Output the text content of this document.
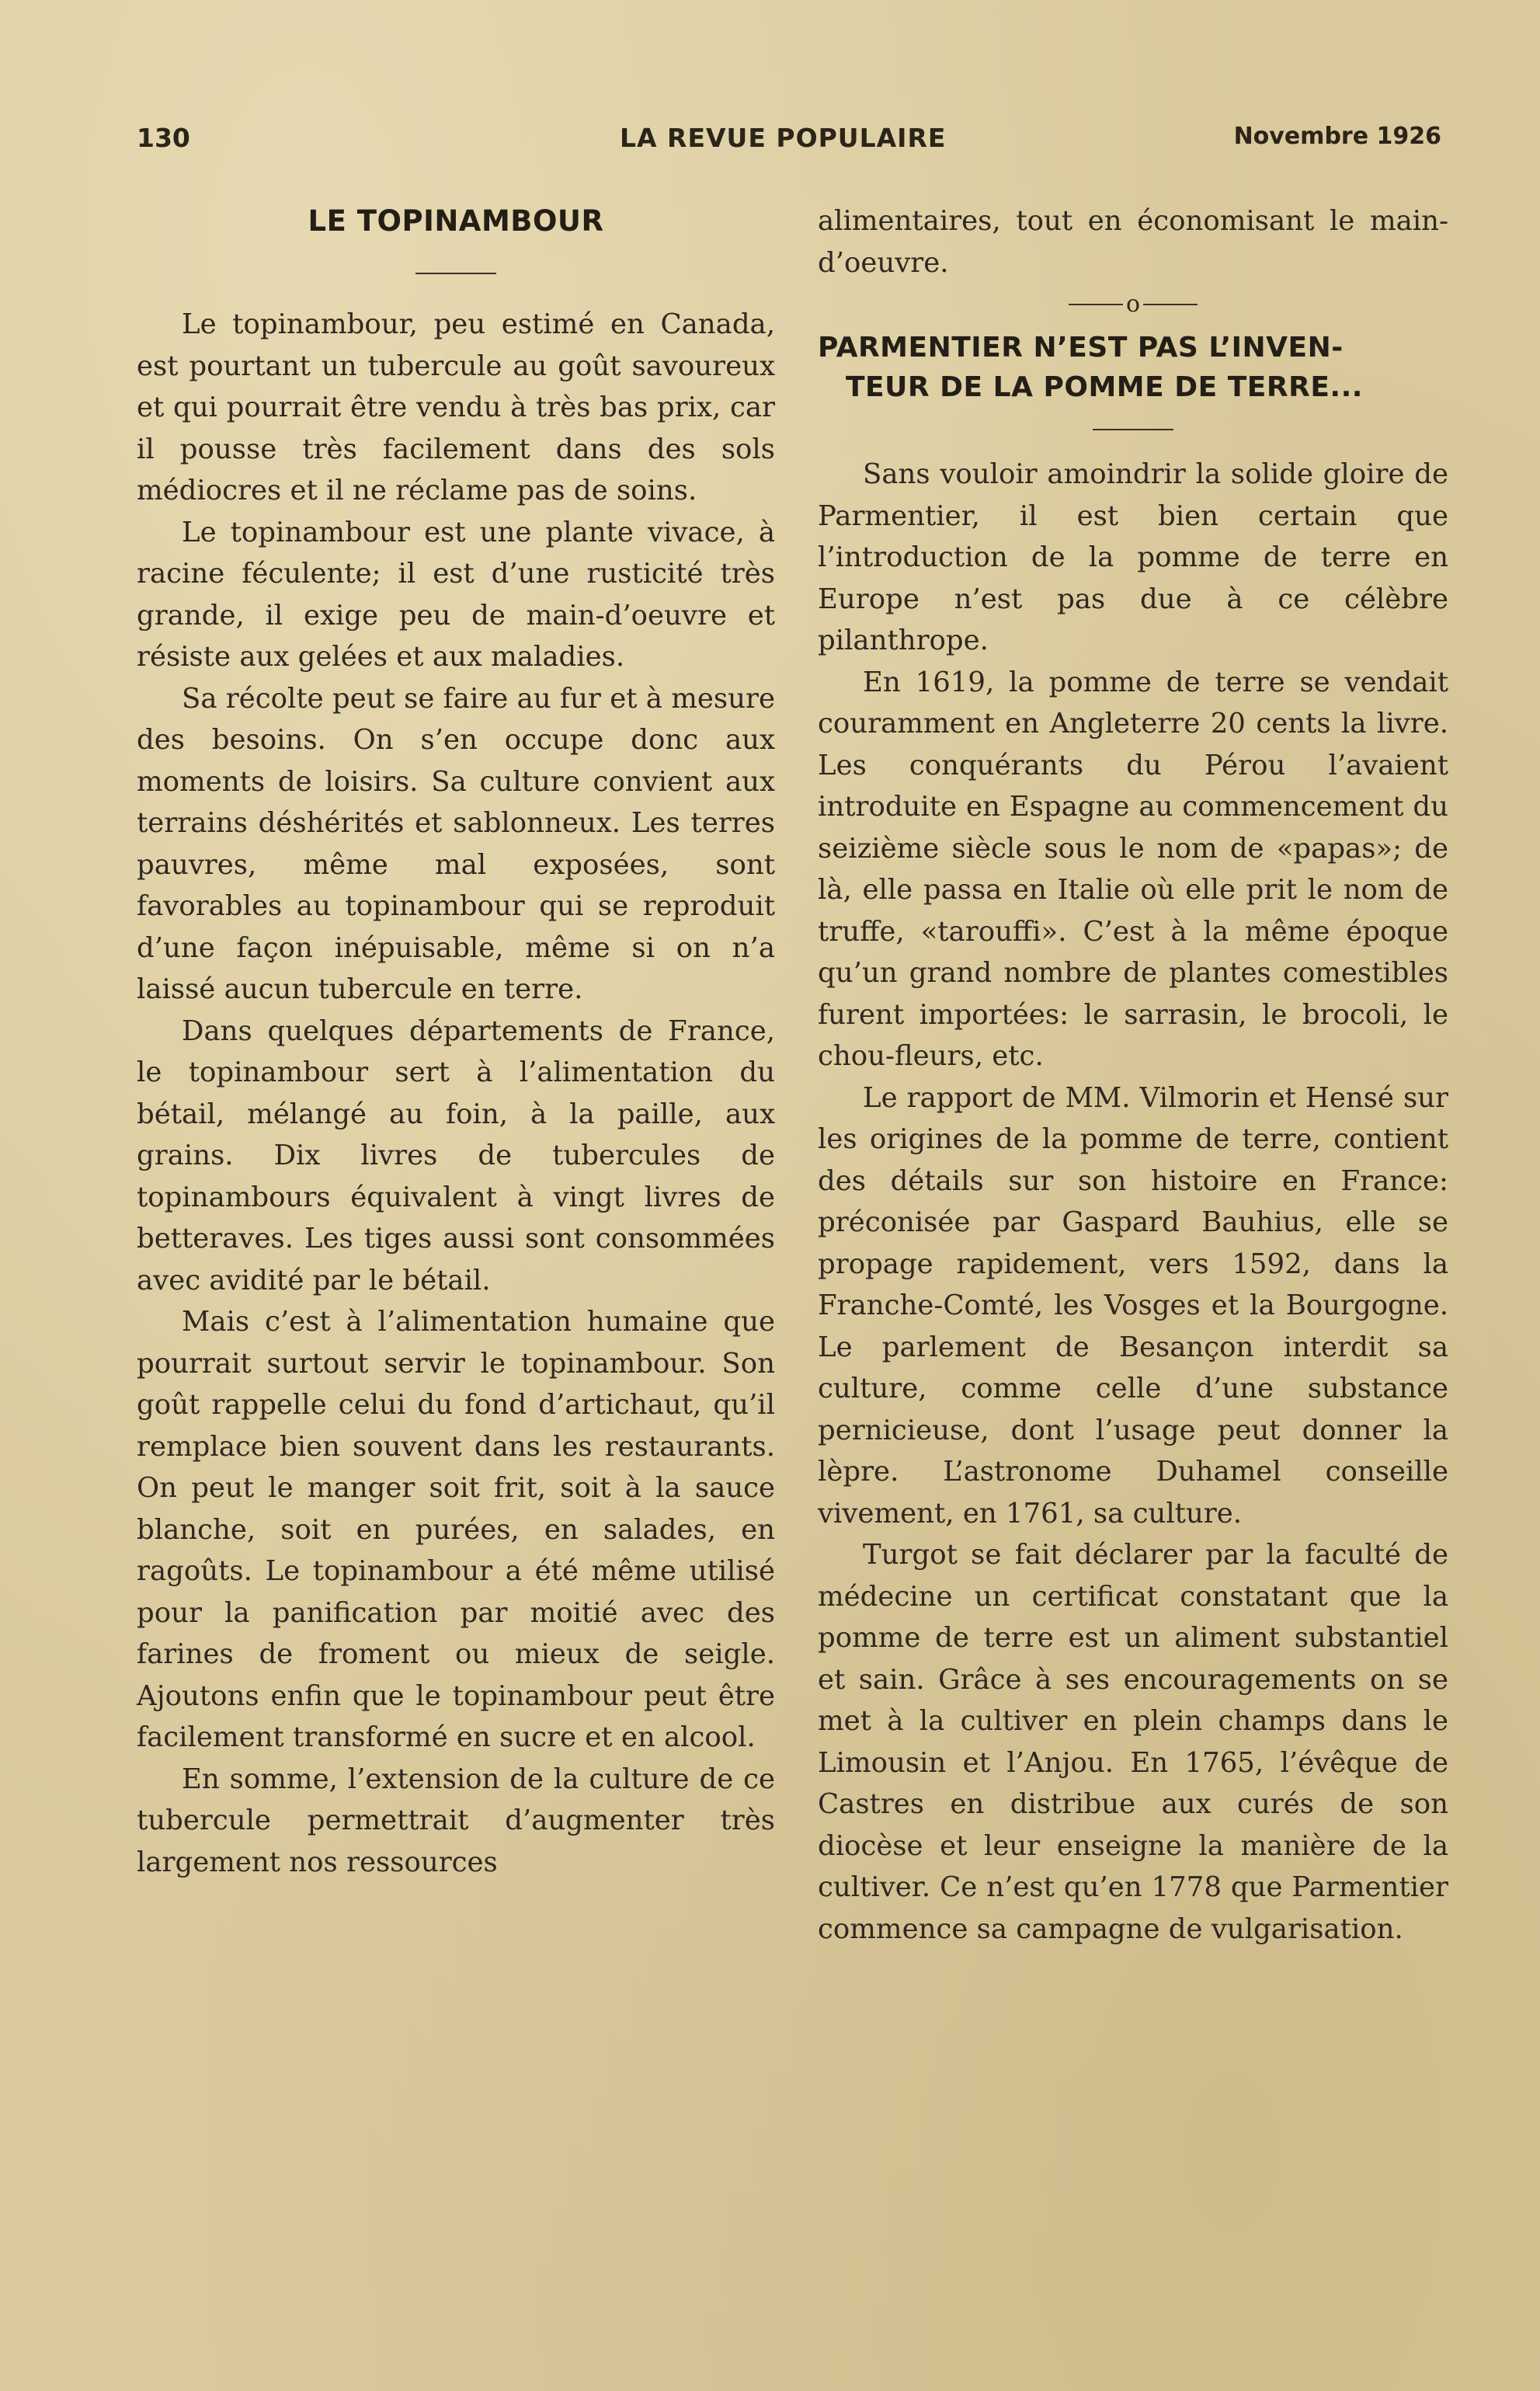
130	LA REVUE POPULAIRE	Novembre 1926
LE TOPINAMBOUR

Le topinambour, peu estimé en Canada, est pourtant un tubercule au goût savoureux et qui pourrait être vendu à très bas prix, car il pousse très facilement dans des sols médiocres et il ne réclame pas de soins.

Le topinambour est une plante vivace, à racine féculente; il est d’une rusticité très grande, il exige peu de main-d’oeuvre et résiste aux gelées et aux maladies.

Sa récolte peut se faire au fur et à mesure des besoins. On s’en occupe donc aux moments de loisirs. Sa culture convient aux terrains déshérités et sablonneux. Les terres pauvres, même mal exposées, sont favorables au topinambour qui se reproduit d’une façon inépuisable, même si on n’a laissé aucun tubercule en terre.

Dans quelques départements de France, le topinambour sert à l’alimentation du bétail, mélangé au foin, à la paille, aux grains. Dix livres de tubercules de topinambours équivalent à vingt livres de betteraves. Les tiges aussi sont consommées avec avidité par le bétail.

Mais c’est à l’alimentation humaine que pourrait surtout servir le topinambour. Son goût rappelle celui du fond d’artichaut, qu’il remplace bien souvent dans les restaurants. On peut le manger soit frit, soit à la sauce blanche, soit en purées, en salades, en ragoûts. Le topinambour a été même utilisé pour la panification par moitié avec des farines de froment ou mieux de seigle. Ajoutons enfin que le topinambour peut être facilement transformé en sucre et en alcool.

En somme, l’extension de la culture de ce tubercule permettrait d’augmenter très largement nos ressources

alimentaires, tout en économisant le main-d’oeuvre.

o
PARMENTIER N’EST PAS L’INVEN-
TEUR DE LA POMME DE TERRE...

Sans vouloir amoindrir la solide gloire de Parmentier, il est bien certain que l’introduction de la pomme de terre en Europe n’est pas due à ce célèbre pilanthrope.

En 1619, la pomme de terre se vendait couramment en Angleterre 20 cents la livre. Les conquérants du Pérou l’avaient introduite en Espagne au commencement du seizième siècle sous le nom de «papas»; de là, elle passa en Italie où elle prit le nom de truffe, «tarouffi». C’est à la même époque qu’un grand nombre de plantes comestibles furent importées: le sarrasin, le brocoli, le chou-fleurs, etc.

Le rapport de MM. Vilmorin et Hensé sur les origines de la pomme de terre, contient des détails sur son histoire en France: préconisée par Gaspard Bauhius, elle se propage rapidement, vers 1592, dans la Franche-Comté, les Vosges et la Bourgogne. Le parlement de Besançon interdit sa culture, comme celle d’une substance pernicieuse, dont l’usage peut donner la lèpre. L’astronome Duhamel conseille vivement, en 1761, sa culture.

Turgot se fait déclarer par la faculté de médecine un certificat constatant que la pomme de terre est un aliment substantiel et sain. Grâce à ses encouragements on se met à la cultiver en plein champs dans le Limousin et l’Anjou. En 1765, l’évêque de Castres en distribue aux curés de son diocèse et leur enseigne la manière de la cultiver. Ce n’est qu’en 1778 que Parmentier commence sa campagne de vulgarisation.
